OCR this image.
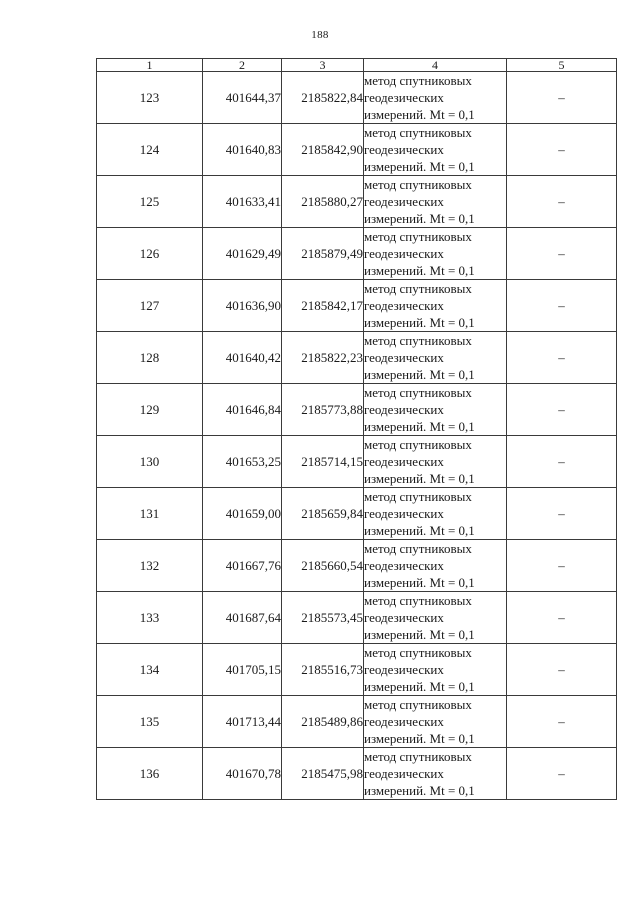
188
1	2	3	4	5
123	401644,37	2185822,84	метод спутниковых
геодезических
измерений. Mt = 0,1	–
124	401640,83	2185842,90	метод спутниковых
геодезических
измерений. Mt = 0,1	–
125	401633,41	2185880,27	метод спутниковых
геодезических
измерений. Mt = 0,1	–
126	401629,49	2185879,49	метод спутниковых
геодезических
измерений. Mt = 0,1	–
127	401636,90	2185842,17	метод спутниковых
геодезических
измерений. Mt = 0,1	–
128	401640,42	2185822,23	метод спутниковых
геодезических
измерений. Mt = 0,1	–
129	401646,84	2185773,88	метод спутниковых
геодезических
измерений. Mt = 0,1	–
130	401653,25	2185714,15	метод спутниковых
геодезических
измерений. Mt = 0,1	–
131	401659,00	2185659,84	метод спутниковых
геодезических
измерений. Mt = 0,1	–
132	401667,76	2185660,54	метод спутниковых
геодезических
измерений. Mt = 0,1	–
133	401687,64	2185573,45	метод спутниковых
геодезических
измерений. Mt = 0,1	–
134	401705,15	2185516,73	метод спутниковых
геодезических
измерений. Mt = 0,1	–
135	401713,44	2185489,86	метод спутниковых
геодезических
измерений. Mt = 0,1	–
136	401670,78	2185475,98	метод спутниковых
геодезических
измерений. Mt = 0,1	–
